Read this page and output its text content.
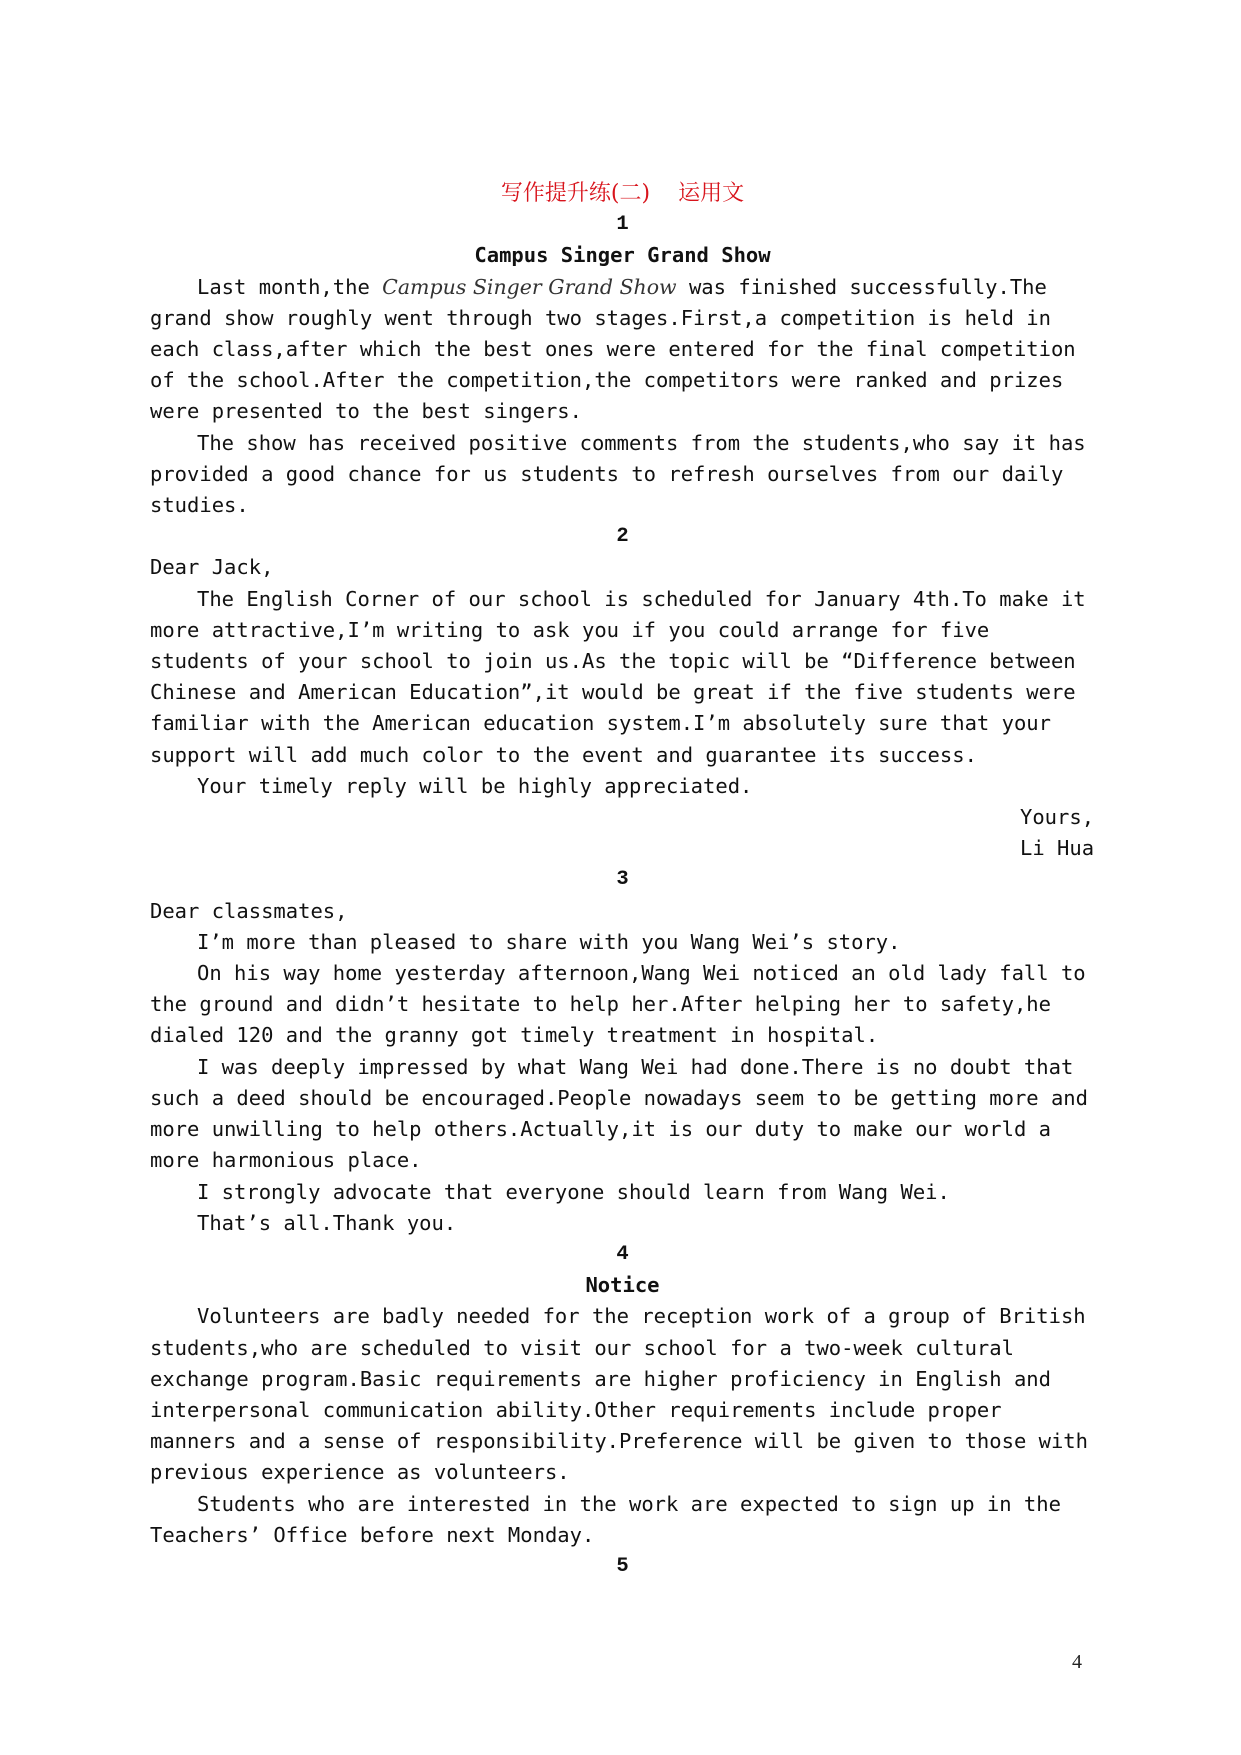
写作提升练(二) 运用文
1
Campus Singer Grand Show

Last month,the Campus Singer Grand Show was finished successfully.The grand show roughly went through two stages.First,a competition is held in each class,after which the best ones were entered for the final competition of the school.After the competition,the competitors were ranked and prizes were presented to the best singers.

The show has received positive comments from the students,who say it has provided a good chance for us students to refresh ourselves from our daily studies.

2

Dear Jack,

The English Corner of our school is scheduled for January 4th.To make it more attractive,I’m writing to ask you if you could arrange for five students of your school to join us.As the topic will be “Difference between Chinese and American Education”,it would be great if the five students were familiar with the American education system.I’m absolutely sure that your support will add much color to the event and guarantee its success.

Your timely reply will be highly appreciated.

Yours,

Li Hua

3

Dear classmates,

I’m more than pleased to share with you Wang Wei’s story.

On his way home yesterday afternoon,Wang Wei noticed an old lady fall to the ground and didn’t hesitate to help her.After helping her to safety,he dialed 120 and the granny got timely treatment in hospital.

I was deeply impressed by what Wang Wei had done.There is no doubt that such a deed should be encouraged.People nowadays seem to be getting more and more unwilling to help others.Actually,it is our duty to make our world a more harmonious place.

I strongly advocate that everyone should learn from Wang Wei.

That’s all.Thank you.

4
Notice

Volunteers are badly needed for the reception work of a group of British students,who are scheduled to visit our school for a two-week cultural exchange program.Basic requirements are higher proficiency in English and interpersonal communication ability.Other requirements include proper manners and a sense of responsibility.Preference will be given to those with previous experience as volunteers.

Students who are interested in the work are expected to sign up in the Teachers’ Office before next Monday.

5
4
